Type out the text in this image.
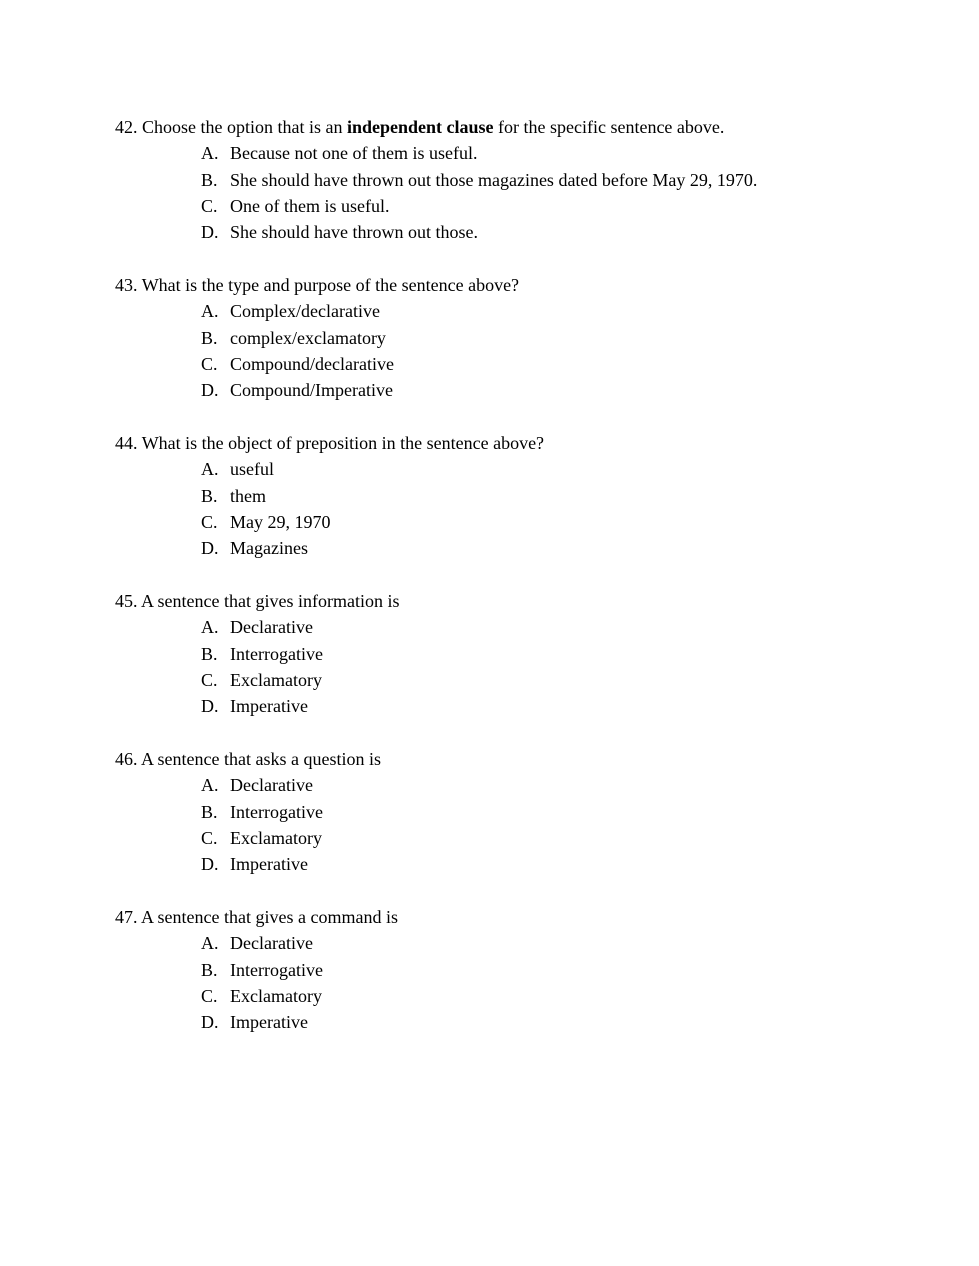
42. Choose the option that is an independent clause for the specific sentence above.
A. Because not one of them is useful.
B. She should have thrown out those magazines dated before May 29, 1970.
C. One of them is useful.
D. She should have thrown out those.
43. What is the type and purpose of the sentence above?
A. Complex/declarative
B. complex/exclamatory
C. Compound/declarative
D. Compound/Imperative
44. What is the object of preposition in the sentence above?
A. useful
B. them
C. May 29, 1970
D. Magazines
45. A sentence that gives information is
A. Declarative
B. Interrogative
C. Exclamatory
D. Imperative
46. A sentence that asks a question is
A. Declarative
B. Interrogative
C. Exclamatory
D. Imperative
47. A sentence that gives a command is
A. Declarative
B. Interrogative
C. Exclamatory
D. Imperative
